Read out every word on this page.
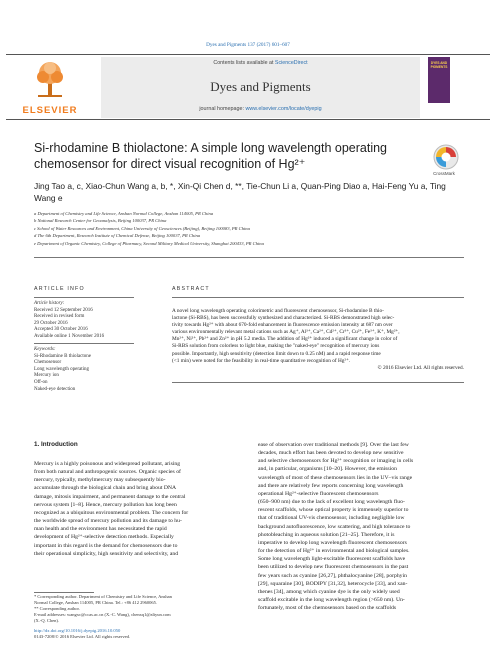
Dyes and Pigments 137 (2017) 601–607
ELSEVIER
Contents lists available at ScienceDirect
Dyes and Pigments
journal homepage: www.elsevier.com/locate/dyepig
DYES AND PIGMENTS
Si-rhodamine B thiolactone: A simple long wavelength operating chemosensor for direct visual recognition of Hg²⁺
CrossMark
Jing Tao a, c, Xiao-Chun Wang a, b, *, Xin-Qi Chen d, **, Tie-Chun Li a, Quan-Ping Diao a, Hai-Feng Yu a, Ting Wang e
a Department of Chemistry and Life Science, Anshan Normal College, Anshan 114005, PR China
b National Research Center for Geoanalysis, Beijing 100037, PR China
c School of Water Resources and Environment, China University of Geosciences (Beijing), Beijing 100083, PR China
d The 6th Department, Research Institute of Chemical Defense, Beijing 100037, PR China
e Department of Organic Chemistry, College of Pharmacy, Second Military Medical University, Shanghai 200433, PR China
ARTICLE INFO
Article history:
Received 12 September 2016
Received in revised form
29 October 2016
Accepted 30 October 2016
Available online 1 November 2016
Keywords:
Si-Rhodamine B thiolactone
Chemosensor
Long wavelength operating
Mercury ion
Off-on
Naked-eye detection
ABSTRACT
A novel long wavelength operating colorimetric and fluorescent chemosensor, Si-rhodamine B thio-
lactone (Si-RBS), has been successfully synthesized and characterized. Si-RBS demonstrated high selec-
tivity towards Hg²⁺ with about 670-fold enhancement in fluorescence emission intensity at 687 nm over
various environmentally relevant metal cations such as Ag⁺, Al³⁺, Ca²⁺, Cd²⁺, Cr³⁺, Cu²⁺, Fe³⁺, K⁺, Mg²⁺,
Mn²⁺, Ni²⁺, Pb²⁺ and Zn²⁺ in pH 5.2 media. The addition of Hg²⁺ induced a significant change in color of
Si-RBS solution from colorless to light blue, making the "naked-eye" recognition of mercury ions
possible. Importantly, high sensitivity (detection limit down to 0.25 nM) and a rapid response time
(<1 min) were noted for the feasibility in real-time quantitative recognition of Hg²⁺.
© 2016 Elsevier Ltd. All rights reserved.
1. Introduction
Mercury is a highly poisonous and widespread pollutant, arising
from both natural and anthropogenic sources. Organic species of
mercury, typically, methylmercury may subsequently bio-
accumulate through the biological chain and bring about DNA
damage, mitosis impairment, and permanent damage to the central
nervous system [1–8]. Hence, mercury pollution has long been
recognized as a ubiquitous environmental problem. The concern for
the worldwide spread of mercury pollution and its damage to hu-
man health and the environment has necessitated the rapid
development of Hg²⁺-selective detection methods. Especially
important in this regard is the demand for chemosensors due to
their operational simplicity, high sensitivity and selectivity, and
* Corresponding author. Department of Chemistry and Life Science, Anshan
Normal College, Anshan 114005, PR China. Tel.: +86 412 2960065.
** Corresponding author.
E-mail addresses: wangxc@ccas.ac.cn (X.-C. Wang), chenxq1@aliyun.com
(X.-Q. Chen).
http://dx.doi.org/10.1016/j.dyepig.2016.10.050
0143-7208/© 2016 Elsevier Ltd. All rights reserved.
ease of observation over traditional methods [9]. Over the last few
decades, much effort has been devoted to develop new sensitive
and selective chemosensors for Hg²⁺ recognition or imaging in cells
and, in particular, organisms [10–20]. However, the emission
wavelength of most of these chemosensors lies in the UV–vis range
and there are relatively few reports concerning long wavelength
operational Hg²⁺-selective fluorescent chemosensors
(650–900 nm) due to the lack of excellent long wavelength fluo-
rescent scaffolds, whose optical property is immensely superior to
that of traditional UV-vis chemosensor, including negligible low
background autofluorescence, low scattering, and high tolerance to
photobleaching in aqueous solution [21–25]. Therefore, it is
imperative to develop long wavelength fluorescent chemosensors
for the detection of Hg²⁺ in environmental and biological samples.
Some long wavelength light-excitable fluorescent scaffolds have
been utilized to develop new fluorescent chemosensors in the past
few years such as cyanine [26,27], phthalocyanine [28], porphyin
[29], squaraine [30], BODIPY [31,32], heterocycle [33], and xan-
thenes [34], among which cyanine dye is the only widely used
scaffold excitable in the long wavelength region (>650 nm). Un-
fortunately, most of the chemosensors based on the scaffolds
